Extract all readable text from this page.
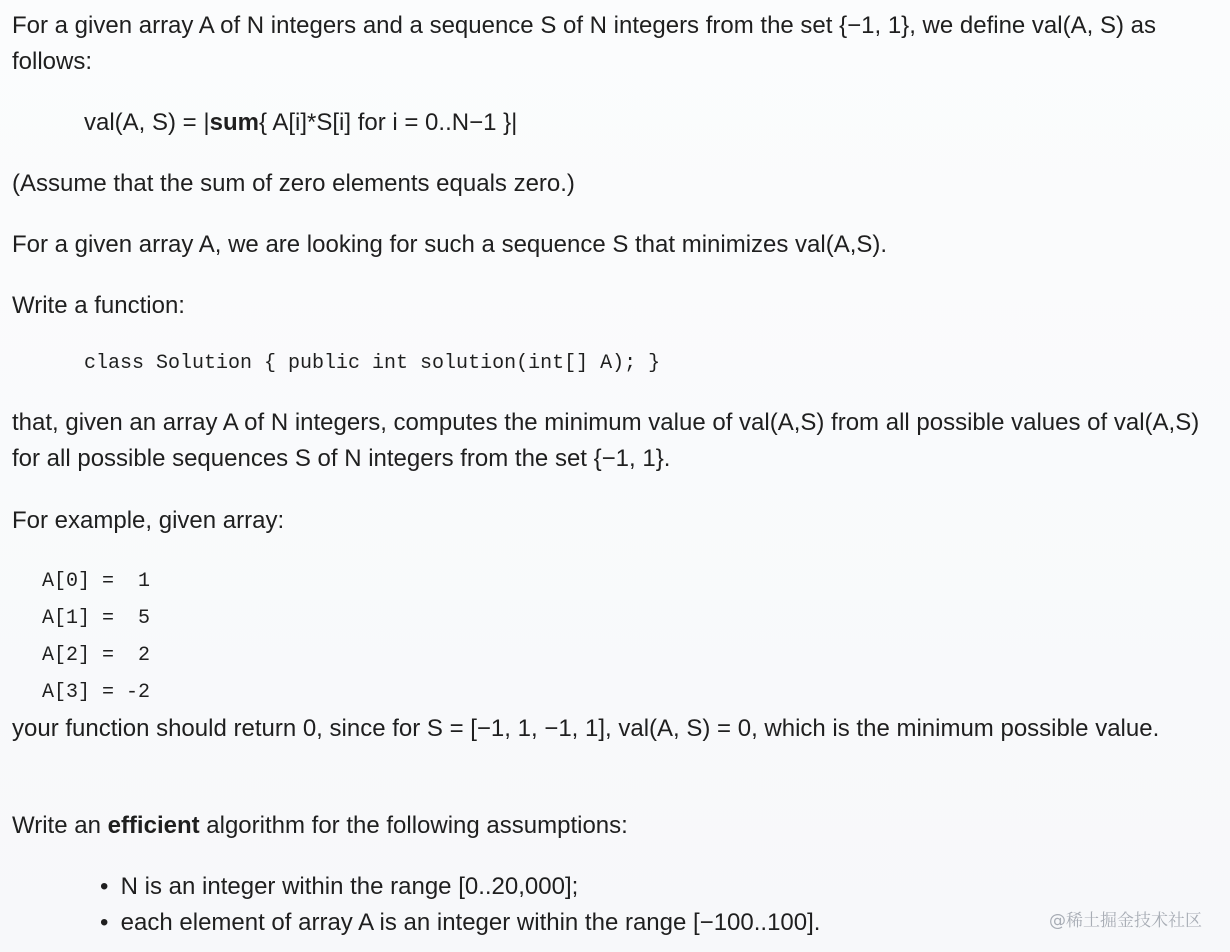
For a given array A of N integers and a sequence S of N integers from the set {−1, 1}, we define val(A, S) as follows:

val(A, S) = |sum{ A[i]*S[i] for i = 0..N−1 }|

(Assume that the sum of zero elements equals zero.)

For a given array A, we are looking for such a sequence S that minimizes val(A,S).

Write a function:

class Solution { public int solution(int[] A); }

that, given an array A of N integers, computes the minimum value of val(A,S) from all possible values of val(A,S) for all possible sequences S of N integers from the set {−1, 1}.

For example, given array:

A[0] =  1
A[1] =  5
A[2] =  2
A[3] = -2

your function should return 0, since for S = [−1, 1, −1, 1], val(A, S) = 0, which is the minimum possible value.

Write an efficient algorithm for the following assumptions:

• N is an integer within the range [0..20,000];
• each element of array A is an integer within the range [−100..100].	@稀土掘金技术社区
